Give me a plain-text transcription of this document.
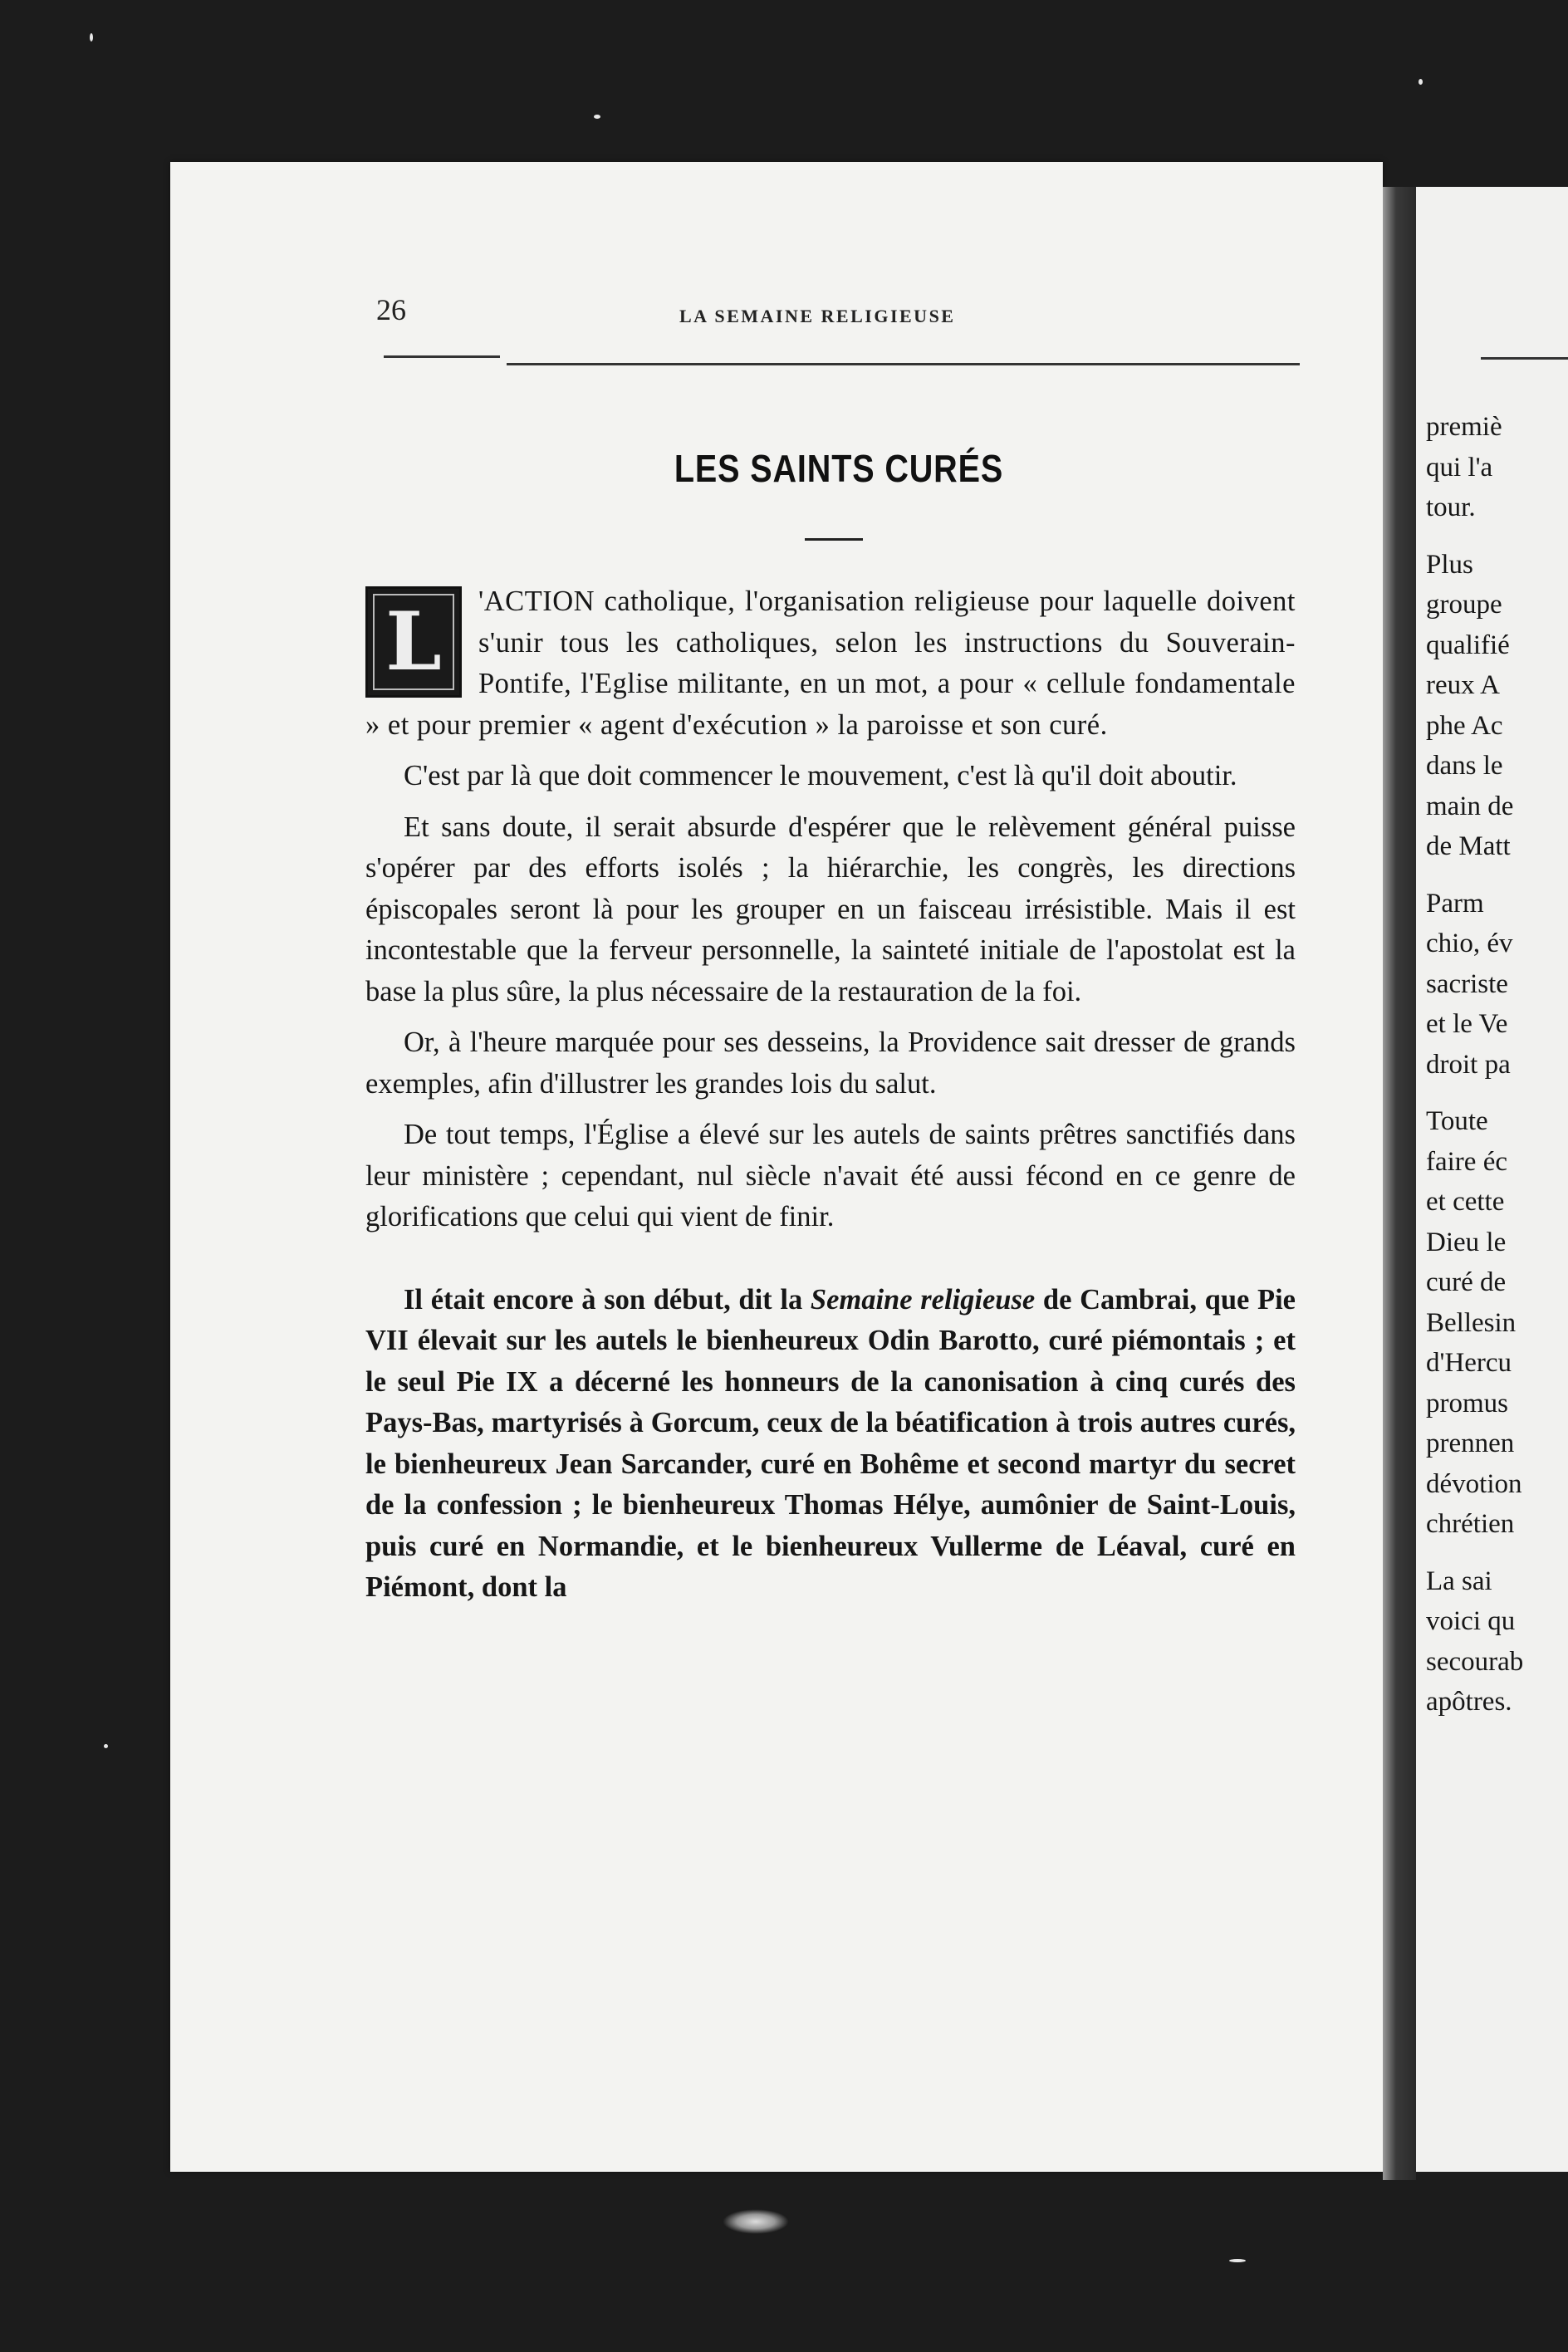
26	LA SEMAINE RELIGIEUSE
LES SAINTS CURÉS

L	'ACTION catholique, l'organisation religieuse pour laquelle doivent s'unir tous les catholiques, selon les instructions du Souverain-Pontife, l'Eglise militante, en un mot, a pour « cellule fondamentale » et pour premier « agent d'exécution » la paroisse et son curé.

C'est par là que doit commencer le mouvement, c'est là qu'il doit aboutir.

Et sans doute, il serait absurde d'espérer que le relèvement général puisse s'opérer par des efforts isolés ; la hiérarchie, les congrès, les directions épiscopales seront là pour les grouper en un faisceau irrésistible. Mais il est incontestable que la ferveur personnelle, la sainteté initiale de l'apostolat est la base la plus sûre, la plus nécessaire de la restauration de la foi.

Or, à l'heure marquée pour ses desseins, la Providence sait dresser de grands exemples, afin d'illustrer les grandes lois du salut.

De tout temps, l'Église a élevé sur les autels de saints prêtres sanctifiés dans leur ministère ; cependant, nul siècle n'avait été aussi fécond en ce genre de glorifications que celui qui vient de finir.

Il était encore à son début, dit la Semaine religieuse de Cambrai, que Pie VII élevait sur les autels le bienheureux Odin Barotto, curé piémontais ; et le seul Pie IX a décerné les honneurs de la canonisation à cinq curés des Pays-Bas, martyrisés à Gorcum, ceux de la béatification à trois autres curés, le bienheureux Jean Sarcander, curé en Bohême et second martyr du secret de la confession ; le bienheureux Thomas Hélye, aumônier de Saint-Louis, puis curé en Normandie, et le bienheureux Vullerme de Léaval, curé en Piémont, dont la

premiè
qui l'a
tour.
Plus
groupe
qualifié
reux A
phe Ac
dans le
main de
de Matt
Parm
chio, év
sacriste
et le Ve
droit pa
Toute
faire éc
et cette
Dieu le
curé de
Bellesin
d'Hercu
promus
prennen
dévotion
chrétien
La sai
voici qu
secourab
apôtres.
